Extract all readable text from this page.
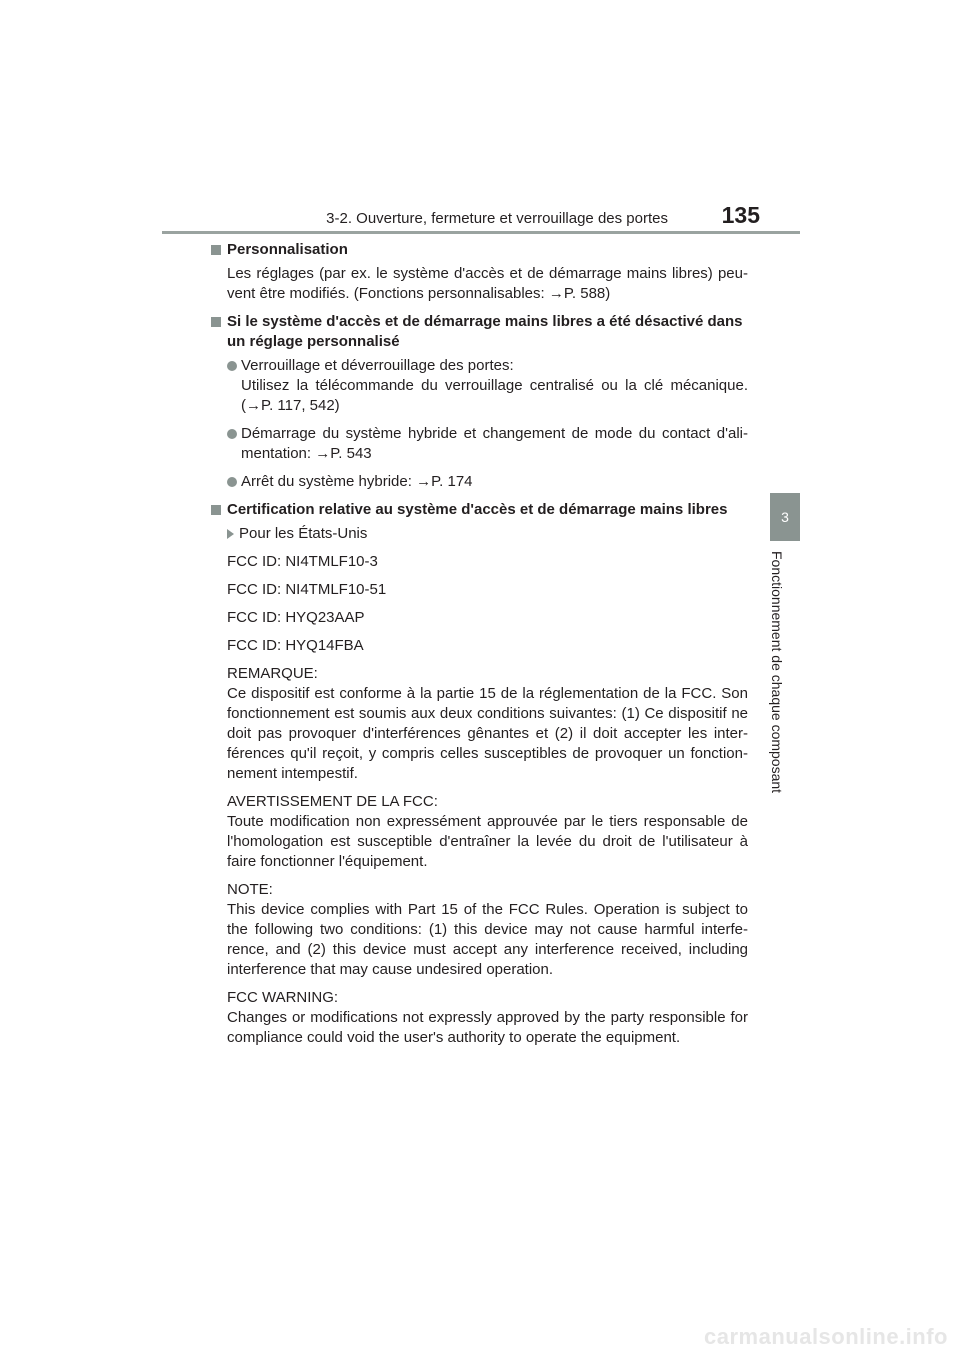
3-2. Ouverture, fermeture et verrouillage des portes 135
3
Fonctionnement de chaque composant
Personnalisation

Les réglages (par ex. le système d'accès et de démarrage mains libres) peu-vent être modifiés. (Fonctions personnalisables: →P. 588)

Si le système d'accès et de démarrage mains libres a été désactivé dans un réglage personnalisé
Verrouillage et déverrouillage des portes:
Utilisez la télécommande du verrouillage centralisé ou la clé mécanique. (→P. 117, 542)
Démarrage du système hybride et changement de mode du contact d'ali-mentation: →P. 543
Arrêt du système hybride: →P. 174
Certification relative au système d'accès et de démarrage mains libres
Pour les États-Unis

FCC ID: NI4TMLF10-3

FCC ID: NI4TMLF10-51

FCC ID: HYQ23AAP

FCC ID: HYQ14FBA

REMARQUE:
Ce dispositif est conforme à la partie 15 de la réglementation de la FCC. Son fonctionnement est soumis aux deux conditions suivantes: (1) Ce dispositif ne doit pas provoquer d'interférences gênantes et (2) il doit accepter les inter-férences qu'il reçoit, y compris celles susceptibles de provoquer un fonction-nement intempestif.
AVERTISSEMENT DE LA FCC:
Toute modification non expressément approuvée par le tiers responsable de l'homologation est susceptible d'entraîner la levée du droit de l'utilisateur à faire fonctionner l'équipement.
NOTE:
This device complies with Part 15 of the FCC Rules. Operation is subject to the following two conditions: (1) this device may not cause harmful interfe-rence, and (2) this device must accept any interference received, including interference that may cause undesired operation.
FCC WARNING:
Changes or modifications not expressly approved by the party responsible for compliance could void the user's authority to operate the equipment.
carmanualsonline.info
